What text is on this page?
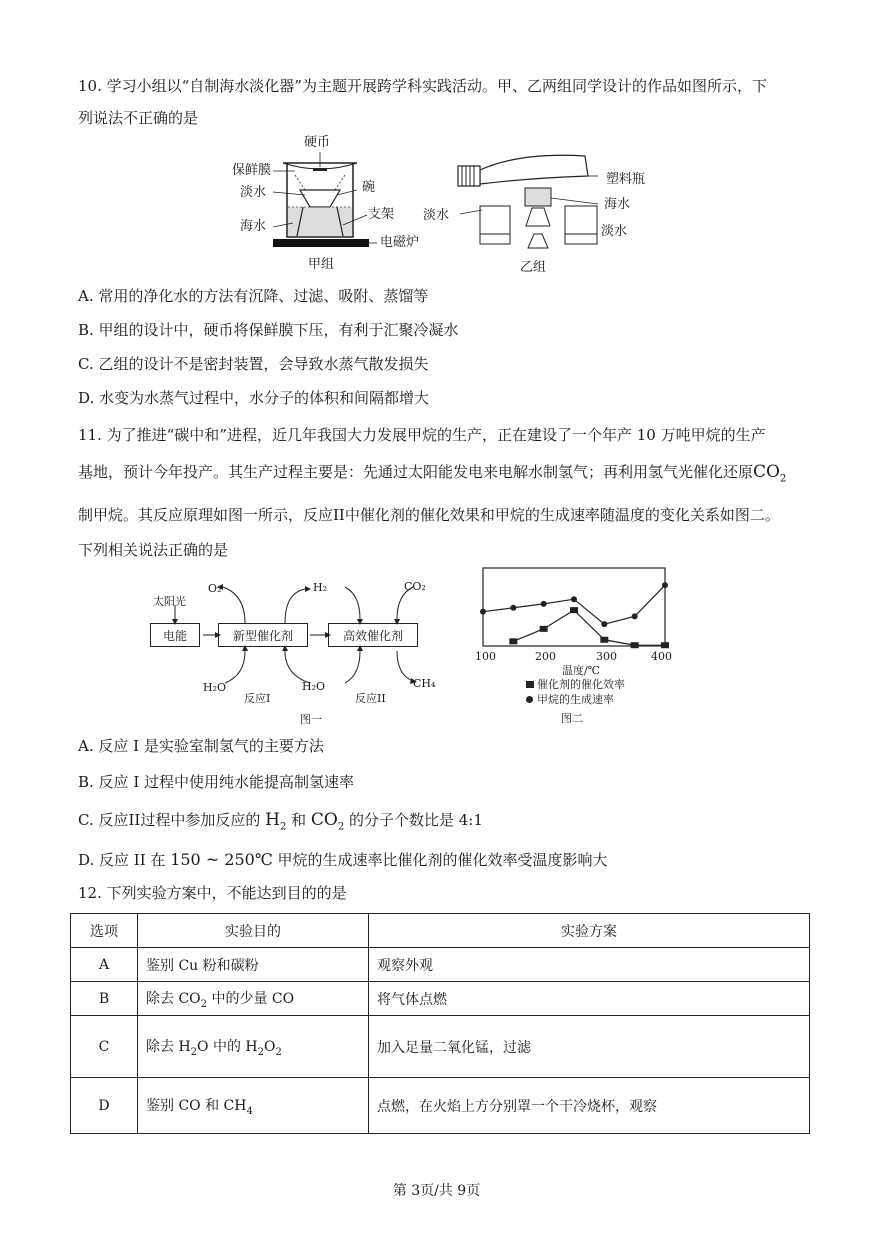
10. 学习小组以“自制海水淡化器”为主题开展跨学科实践活动。甲、乙两组同学设计的作品如图所示，下
列说法不正确的是
硬币
保鲜膜
淡水	碗
海水
支架
电磁炉
甲组
塑料瓶
海水
淡水
淡水
乙组
A. 常用的净化水的方法有沉降、过滤、吸附、蒸馏等
B. 甲组的设计中，硬币将保鲜膜下压，有利于汇聚冷凝水
C. 乙组的设计不是密封装置，会导致水蒸气散发损失
D. 水变为水蒸气过程中，水分子的体积和间隔都增大
11. 为了推进“碳中和”进程，近几年我国大力发展甲烷的生产，正在建设了一个年产 10 万吨甲烷的生产
基地，预计今年投产。其生产过程主要是：先通过太阳能发电来电解水制氢气；再利用氢气光催化还原$CO_2$
制甲烷。其反应原理如图一所示，反应II中催化剂的催化效果和甲烷的生成速率随温度的变化关系如图二。
下列相关说法正确的是
电能	新型催化剂	高效催化剂
太阳光
O₂	H₂	CO₂
H₂O	H₂O	CH₄
反应I	反应II
图一
100	200	300	400
温度/℃
催化剂的催化效率
甲烷的生成速率
图二
A. 反应 I 是实验室制氢气的主要方法
B. 反应 I 过程中使用纯水能提高制氢速率
C. 反应II过程中参加反应的 $H_2$ 和 $CO_2$ 的分子个数比是 4:1
D. 反应 II 在 150 ~ 250℃ 甲烷的生成速率比催化剂的催化效率受温度影响大
12. 下列实验方案中，不能达到目的的是
选项	实验目的	实验方案
A	鉴别 Cu 粉和碳粉	观察外观
B	除去 $CO_2$ 中的少量 CO	将气体点燃
C	除去 $H_2O$ 中的 $H_2O_2$	加入足量二氧化锰，过滤
D	鉴别 CO 和 $CH_4$	点燃，在火焰上方分别罩一个干冷烧杯，观察
第 3页/共 9页
